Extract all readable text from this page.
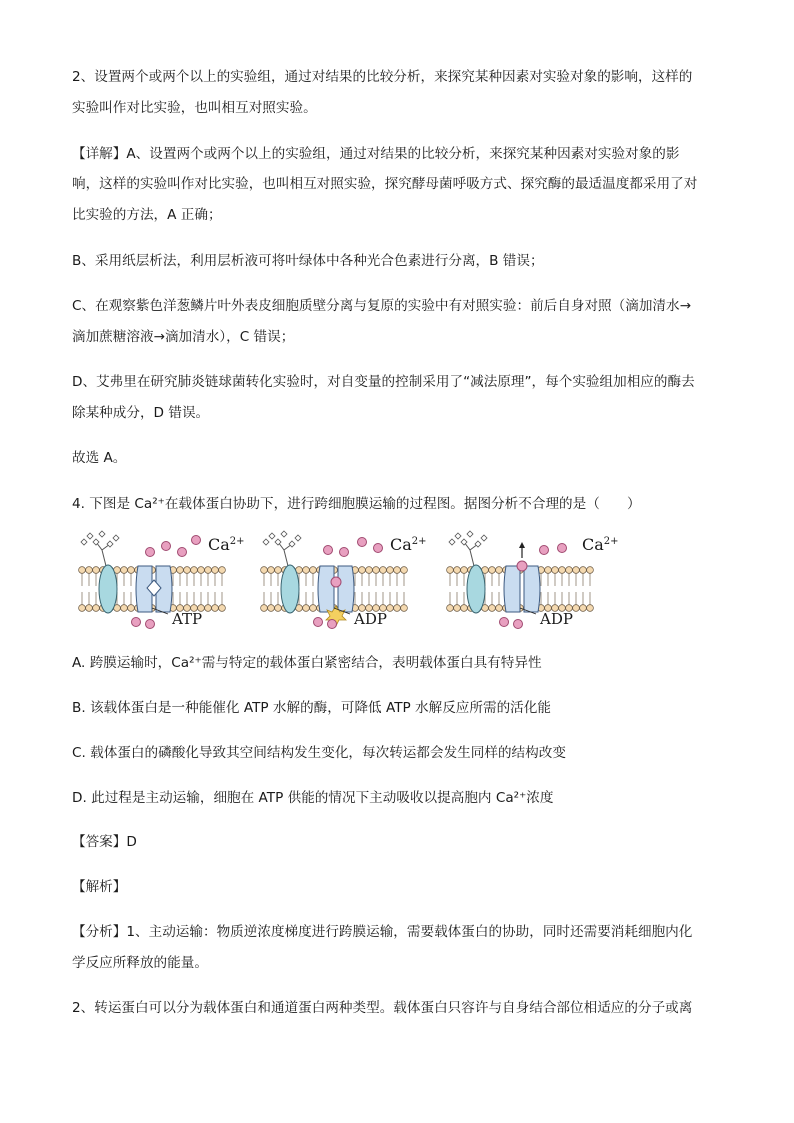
2、设置两个或两个以上的实验组，通过对结果的比较分析，来探究某种因素对实验对象的影响，这样的
实验叫作对比实验，也叫相互对照实验。
【详解】A、设置两个或两个以上的实验组，通过对结果的比较分析，来探究某种因素对实验对象的影
响，这样的实验叫作对比实验，也叫相互对照实验，探究酵母菌呼吸方式、探究酶的最适温度都采用了对
比实验的方法，A 正确；
B、采用纸层析法，利用层析液可将叶绿体中各种光合色素进行分离，B 错误；
C、在观察紫色洋葱鳞片叶外表皮细胞质壁分离与复原的实验中有对照实验：前后自身对照（滴加清水→
滴加蔗糖溶液→滴加清水），C 错误；
D、艾弗里在研究肺炎链球菌转化实验时，对自变量的控制采用了“减法原理”，每个实验组加相应的酶去
除某种成分，D 错误。
故选 A。
4. 下图是 Ca²⁺在载体蛋白协助下，进行跨细胞膜运输的过程图。据图分析不合理的是（　　）
$Ca^{2+}$
ATP
$Ca^{2+}$
ADP
$Ca^{2+}$
ADP
A. 跨膜运输时，Ca²⁺需与特定的载体蛋白紧密结合，表明载体蛋白具有特异性
B. 该载体蛋白是一种能催化 ATP 水解的酶，可降低 ATP 水解反应所需的活化能
C. 载体蛋白的磷酸化导致其空间结构发生变化，每次转运都会发生同样的结构改变
D. 此过程是主动运输，细胞在 ATP 供能的情况下主动吸收以提高胞内 Ca²⁺浓度
【答案】D
【解析】
【分析】1、主动运输：物质逆浓度梯度进行跨膜运输，需要载体蛋白的协助，同时还需要消耗细胞内化
学反应所释放的能量。
2、转运蛋白可以分为载体蛋白和通道蛋白两种类型。载体蛋白只容许与自身结合部位相适应的分子或离
